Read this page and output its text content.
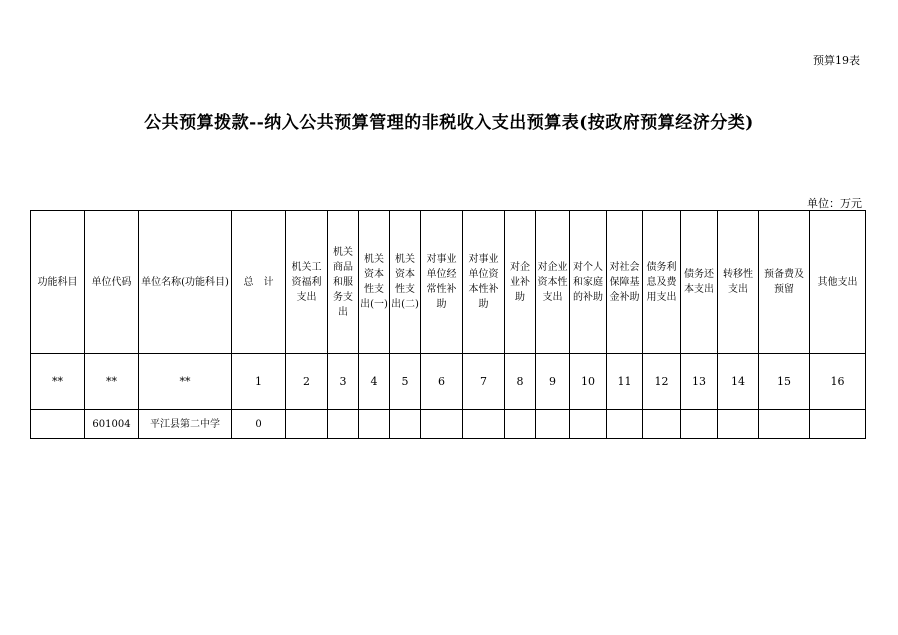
预算19表
公共预算拨款--纳入公共预算管理的非税收入支出预算表(按政府预算经济分类)
单位：万元
功能科目	单位代码	单位名称(功能科目)	总　计	机关工资福利支出	机关商品和服务支出	机关资本性支出(一)	机关资本性支出(二)	对事业单位经常性补助	对事业单位资本性补助	对企业补助	对企业资本性支出	对个人和家庭的补助	对社会保障基金补助	债务利息及费用支出	债务还本支出	转移性支出	预备费及预留	其他支出
**	**	**	1	2	3	4	5	6	7	8	9	10	11	12	13	14	15	16
	601004	平江县第二中学	0															
